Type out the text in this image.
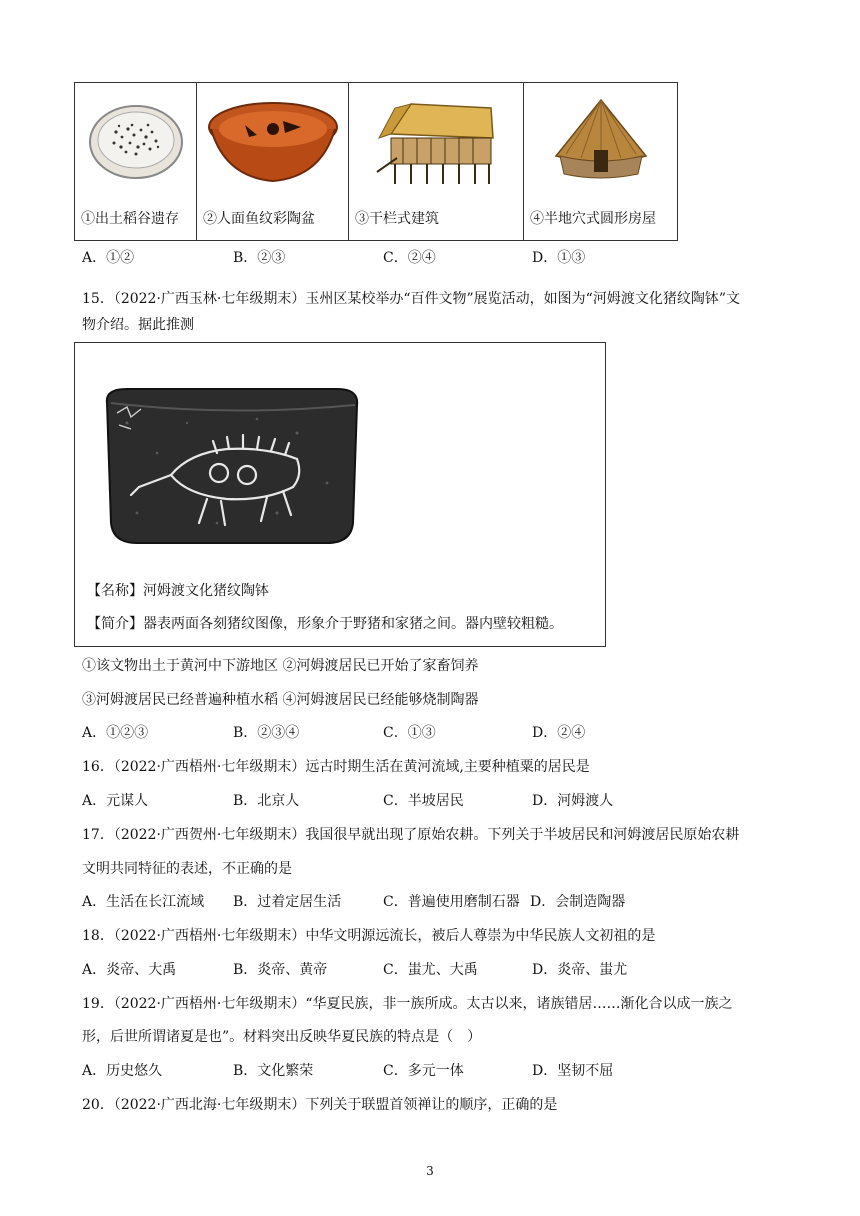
①出土稻谷遗存 ②人面鱼纹彩陶盆	③干栏式建筑	④半地穴式圆形房屋
A．①②	B．②③	C．②④	D．①③
15．（2022·广西玉林·七年级期末）玉州区某校举办“百件文物”展览活动，如图为“河姆渡文化猪纹陶钵”文
物介绍。据此推测
【名称】河姆渡文化猪纹陶钵
【简介】器表两面各刻猪纹图像，形象介于野猪和家猪之间。器内壁较粗糙。
①该文物出土于黄河中下游地区 ②河姆渡居民已开始了家畜饲养
③河姆渡居民已经普遍种植水稻 ④河姆渡居民已经能够烧制陶器
A．①②③	B．②③④	C．①③	D．②④
16．（2022·广西梧州·七年级期末）远古时期生活在黄河流域,主要种植粟的居民是
A．元谋人	B．北京人	C．半坡居民	D．河姆渡人
17．（2022·广西贺州·七年级期末）我国很早就出现了原始农耕。下列关于半坡居民和河姆渡居民原始农耕
文明共同特征的表述，不正确的是
A．生活在长江流域 B．过着定居生活	C．普遍使用磨制石器 D．会制造陶器
18．（2022·广西梧州·七年级期末）中华文明源远流长，被后人尊崇为中华民族人文初祖的是
A．炎帝、大禹	B．炎帝、黄帝	C．蚩尤、大禹	D．炎帝、蚩尤
19．（2022·广西梧州·七年级期末）“华夏民族，非一族所成。太古以来，诸族错居……渐化合以成一族之
形，后世所谓诸夏是也”。材料突出反映华夏民族的特点是（　）
A．历史悠久	B．文化繁荣	C．多元一体	D．坚韧不屈
20．（2022·广西北海·七年级期末）下列关于联盟首领禅让的顺序，正确的是
3
